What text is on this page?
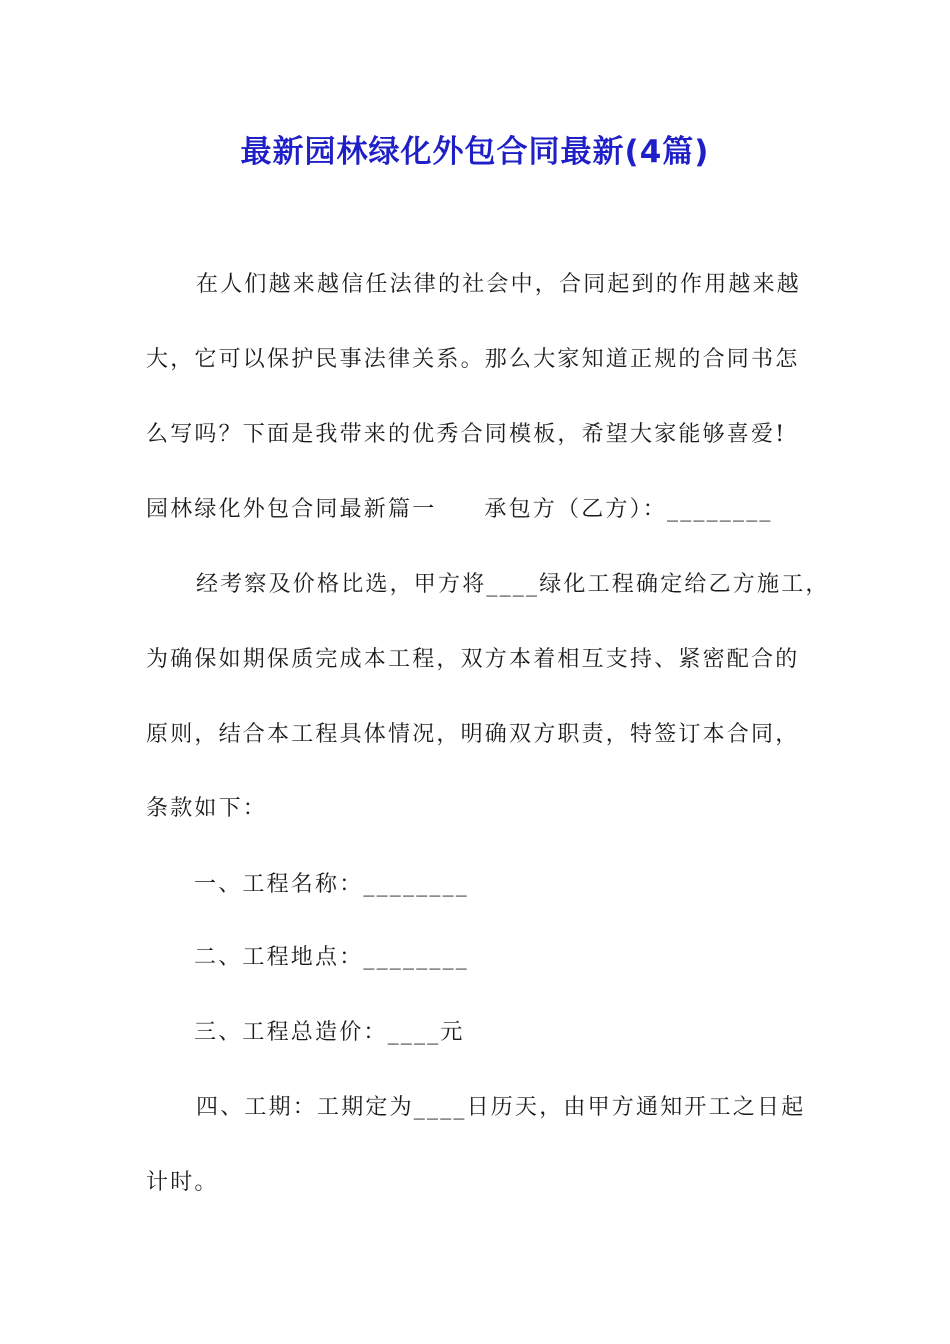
最新园林绿化外包合同最新(4篇)
在人们越来越信任法律的社会中，合同起到的作用越来越
大，它可以保护民事法律关系。那么大家知道正规的合同书怎
么写吗？下面是我带来的优秀合同模板，希望大家能够喜爱!
园林绿化外包合同最新篇一 承包方（乙方）：________
经考察及价格比选，甲方将____绿化工程确定给乙方施工，
为确保如期保质完成本工程，双方本着相互支持、紧密配合的
原则，结合本工程具体情况，明确双方职责，特签订本合同，
条款如下：
一、工程名称：________
二、工程地点：________
三、工程总造价：____元
四、工期：工期定为____日历天，由甲方通知开工之日起
计时。
